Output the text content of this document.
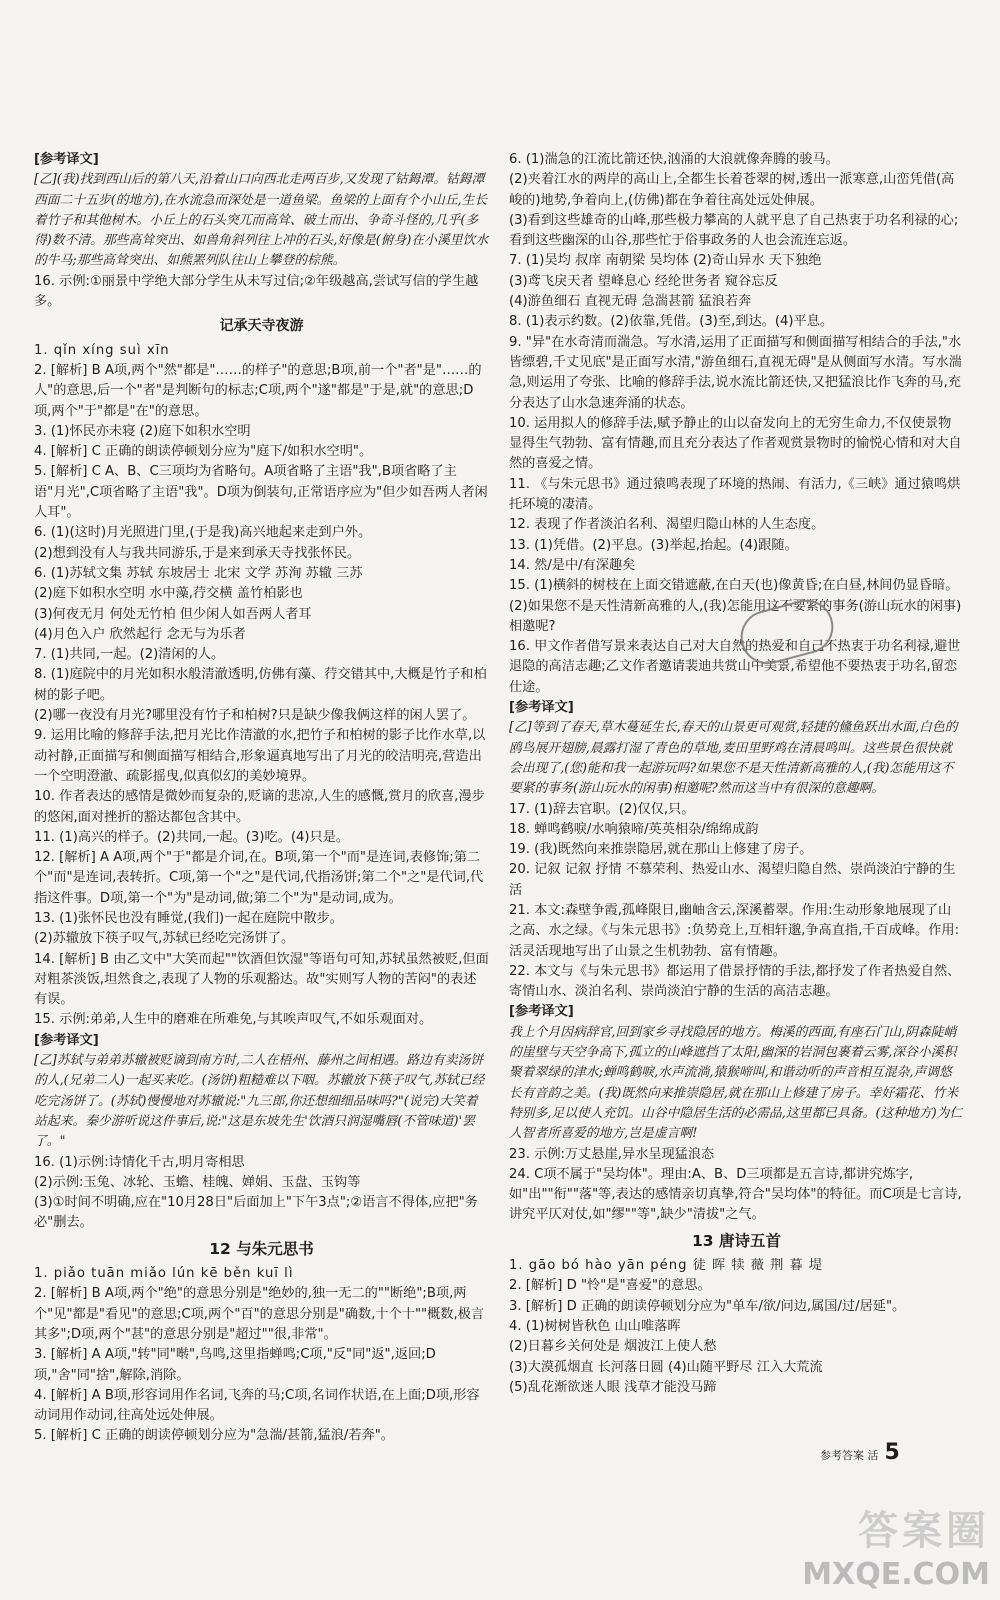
[参考译文]

[乙](我)找到西山后的第八天,沿着山口向西北走两百步,又发现了钴鉧潭。钴鉧潭西面二十五步(的地方),在水流急而深处是一道鱼梁。鱼梁的上面有个小山丘,生长着竹子和其他树木。小丘上的石头突兀而高耸、破土而出、争奇斗怪的,几乎(多得)数不清。那些高耸突出、如兽角斜列往上冲的石头,好像是(俯身)在小溪里饮水的牛马;那些高耸突出、如熊罴列队往山上攀登的棕熊。

16. 示例:①丽景中学绝大部分学生从未写过信;②年级越高,尝试写信的学生越多。

记承天寺夜游

1. qǐn xíng suì xīn

2. [解析] B A项,两个"然"都是"……的样子"的意思;B项,前一个"者"是"……的人"的意思,后一个"者"是判断句的标志;C项,两个"遂"都是"于是,就"的意思;D项,两个"于"都是"在"的意思。

3. (1)怀民亦未寝 (2)庭下如积水空明

4. [解析] C 正确的朗读停顿划分应为"庭下/如积水空明"。

5. [解析] C A、B、C三项均为省略句。A项省略了主语"我",B项省略了主语"月光",C项省略了主语"我"。D项为倒装句,正常语序应为"但少如吾两人者闲人耳"。

6. (1)(这时)月光照进门里,(于是我)高兴地起来走到户外。
(2)想到没有人与我共同游乐,于是来到承天寺找张怀民。

6. (1)苏轼文集 苏轼 东坡居士 北宋 文学 苏洵 苏辙 三苏
(2)庭下如积水空明 水中藻,荇交横 盖竹柏影也
(3)何夜无月 何处无竹柏 但少闲人如吾两人者耳
(4)月色入户 欣然起行 念无与为乐者

7. (1)共同,一起。(2)清闲的人。

8. (1)庭院中的月光如积水般清澈透明,仿佛有藻、荇交错其中,大概是竹子和柏树的影子吧。
(2)哪一夜没有月光?哪里没有竹子和柏树?只是缺少像我俩这样的闲人罢了。

9. 运用比喻的修辞手法,把月光比作清澈的水,把竹子和柏树的影子比作水草,以动衬静,正面描写和侧面描写相结合,形象逼真地写出了月光的皎洁明亮,营造出一个空明澄澈、疏影摇曳,似真似幻的美妙境界。

10. 作者表达的感情是微妙而复杂的,贬谪的悲凉,人生的感慨,赏月的欣喜,漫步的悠闲,面对挫折的豁达都包含其中。

11. (1)高兴的样子。(2)共同,一起。(3)吃。(4)只是。

12. [解析] A A项,两个"于"都是介词,在。B项,第一个"而"是连词,表修饰;第二个"而"是连词,表转折。C项,第一个"之"是代词,代指汤饼;第二个"之"是代词,代指这件事。D项,第一个"为"是动词,做;第二个"为"是动词,成为。

13. (1)张怀民也没有睡觉,(我们)一起在庭院中散步。
(2)苏辙放下筷子叹气,苏轼已经吃完汤饼了。

14. [解析] B 由乙文中"大笑而起""饮酒但饮湿"等语句可知,苏轼虽然被贬,但面对粗茶淡饭,坦然食之,表现了人物的乐观豁达。故"实则写人物的苦闷"的表述有误。

15. 示例:弟弟,人生中的磨难在所难免,与其唉声叹气,不如乐观面对。

[参考译文]

[乙]苏轼与弟弟苏辙被贬谪到南方时,二人在梧州、藤州之间相遇。路边有卖汤饼的人,(兄弟二人)一起买来吃。(汤饼)粗糙难以下咽。苏辙放下筷子叹气,苏轼已经吃完汤饼了。(苏轼)慢慢地对苏辙说:"九三郎,你还想细细品味吗?"(说完)大笑着站起来。秦少游听说这件事后,说:"这是东坡先生'饮酒只润湿嘴唇(不管味道)'罢了。"

16. (1)示例:诗情化千古,明月寄相思
(2)示例:玉兔、冰轮、玉蟾、桂魄、婵娟、玉盘、玉钩等
(3)①时间不明确,应在"10月28日"后面加上"下午3点";②语言不得体,应把"务必"删去。

12 与朱元思书

1. piǎo tuān miǎo lún kē běn kuī lì

2. [解析] B A项,两个"绝"的意思分别是"绝妙的,独一无二的""断绝";B项,两个"见"都是"看见"的意思;C项,两个"百"的意思分别是"确数,十个十""概数,极言其多";D项,两个"甚"的意思分别是"超过""很,非常"。

3. [解析] A A项,"转"同"啭",鸟鸣,这里指蝉鸣;C项,"反"同"返",返回;D项,"舍"同"捨",解除,消除。

4. [解析] A B项,形容词用作名词,飞奔的马;C项,名词作状语,在上面;D项,形容动词用作动词,往高处远处伸展。

5. [解析] C 正确的朗读停顿划分应为"急湍/甚箭,猛浪/若奔"。

6. (1)湍急的江流比箭还快,汹涌的大浪就像奔腾的骏马。
(2)夹着江水的两岸的高山上,全都生长着苍翠的树,透出一派寒意,山峦凭借(高峻的)地势,争着向上,(仿佛)都在争着往高处远处伸展。
(3)看到这些雄奇的山峰,那些极力攀高的人就平息了自己热衷于功名利禄的心;看到这些幽深的山谷,那些忙于俗事政务的人也会流连忘返。

7. (1)吴均 叔庠 南朝梁 吴均体 (2)奇山异水 天下独绝
(3)鸢飞戾天者 望峰息心 经纶世务者 窥谷忘反
(4)游鱼细石 直视无碍 急湍甚箭 猛浪若奔

8. (1)表示约数。(2)依靠,凭借。(3)至,到达。(4)平息。

9. "异"在水奇清而湍急。写水清,运用了正面描写和侧面描写相结合的手法,"水皆缥碧,千丈见底"是正面写水清,"游鱼细石,直视无碍"是从侧面写水清。写水湍急,则运用了夸张、比喻的修辞手法,说水流比箭还快,又把猛浪比作飞奔的马,充分表达了山水急速奔涌的状态。

10. 运用拟人的修辞手法,赋予静止的山以奋发向上的无穷生命力,不仅使景物显得生气勃勃、富有情趣,而且充分表达了作者观赏景物时的愉悦心情和对大自然的喜爱之情。

11. 《与朱元思书》通过猿鸣表现了环境的热闹、有活力,《三峡》通过猿鸣烘托环境的凄清。

12. 表现了作者淡泊名利、渴望归隐山林的人生态度。

13. (1)凭借。(2)平息。(3)举起,抬起。(4)跟随。

14. 然/是中/有深趣矣

15. (1)横斜的树枝在上面交错遮蔽,在白天(也)像黄昏;在白昼,林间仍显昏暗。
(2)如果您不是天性清新高雅的人,(我)怎能用这不要紧的事务(游山玩水的闲事)相邀呢?

16. 甲文作者借写景来表达自己对大自然的热爱和自己不热衷于功名利禄,避世退隐的高洁志趣;乙文作者邀请裴迪共赏山中美景,希望他不要热衷于功名,留恋仕途。

[参考译文]

[乙]等到了春天,草木蔓延生长,春天的山景更可观赏,轻捷的儵鱼跃出水面,白色的鸥鸟展开翅膀,晨露打湿了青色的草地,麦田里野鸡在清晨鸣叫。这些景色很快就会出现了,(您)能和我一起游玩吗?如果您不是天性清新高雅的人,(我)怎能用这不要紧的事务(游山玩水的闲事)相邀呢?然而这当中有很深的意趣啊。

17. (1)辞去官职。(2)仅仅,只。

18. 蝉鸣鹤唳/水响猿啼/英英相杂/绵绵成韵

19. (我)既然向来推崇隐居,就在那山上修建了房子。

20. 记叙 记叙 抒情 不慕荣利、热爱山水、渴望归隐自然、崇尚淡泊宁静的生活

21. 本文:森壁争霞,孤峰限日,幽岫含云,深溪蓄翠。作用:生动形象地展现了山之高、水之绿。《与朱元思书》:负势竞上,互相轩邈,争高直指,千百成峰。作用:活灵活现地写出了山景之生机勃勃、富有情趣。

22. 本文与《与朱元思书》都运用了借景抒情的手法,都抒发了作者热爱自然、寄情山水、淡泊名利、崇尚淡泊宁静的生活的高洁志趣。

[参考译文]

我上个月因病辞官,回到家乡寻找隐居的地方。梅溪的西面,有座石门山,阴森陡峭的崖壁与天空争高下,孤立的山峰遮挡了太阳,幽深的岩洞包裹着云雾,深谷小溪积聚着翠绿的津水;蝉鸣鹤唳,水声流淌,猿猴啼叫,和谐动听的声音相互混杂,声调悠长有音韵之美。(我)既然向来推崇隐居,就在那山上修建了房子。幸好霜花、竹米特别多,足以使人充饥。山谷中隐居生活的必需品,这里都已具备。(这种地方)为仁人智者所喜爱的地方,岂是虚言啊!

23. 示例:万丈悬崖,异水呈现猛浪态

24. C项不属于"吴均体"。理由:A、B、D三项都是五言诗,都讲究炼字,如"出""衔""落"等,表达的感情亲切真挚,符合"吴均体"的特征。而C项是七言诗,讲究平仄对仗,如"缪""等",缺少"清拔"之气。

13 唐诗五首

1. gāo bó hào yān péng 徒 晖 犊 薇 荆 暮 堤

2. [解析] D "怜"是"喜爱"的意思。

3. [解析] D 正确的朗读停顿划分应为"单车/欲/问边,属国/过/居延"。

4. (1)树树皆秋色 山山唯落晖
(2)日暮乡关何处是 烟波江上使人愁
(3)大漠孤烟直 长河落日圆 (4)山随平野尽 江入大荒流
(5)乱花渐欲迷人眼 浅草才能没马蹄

参考答案 活 5
答案圈
MXQE.COM
